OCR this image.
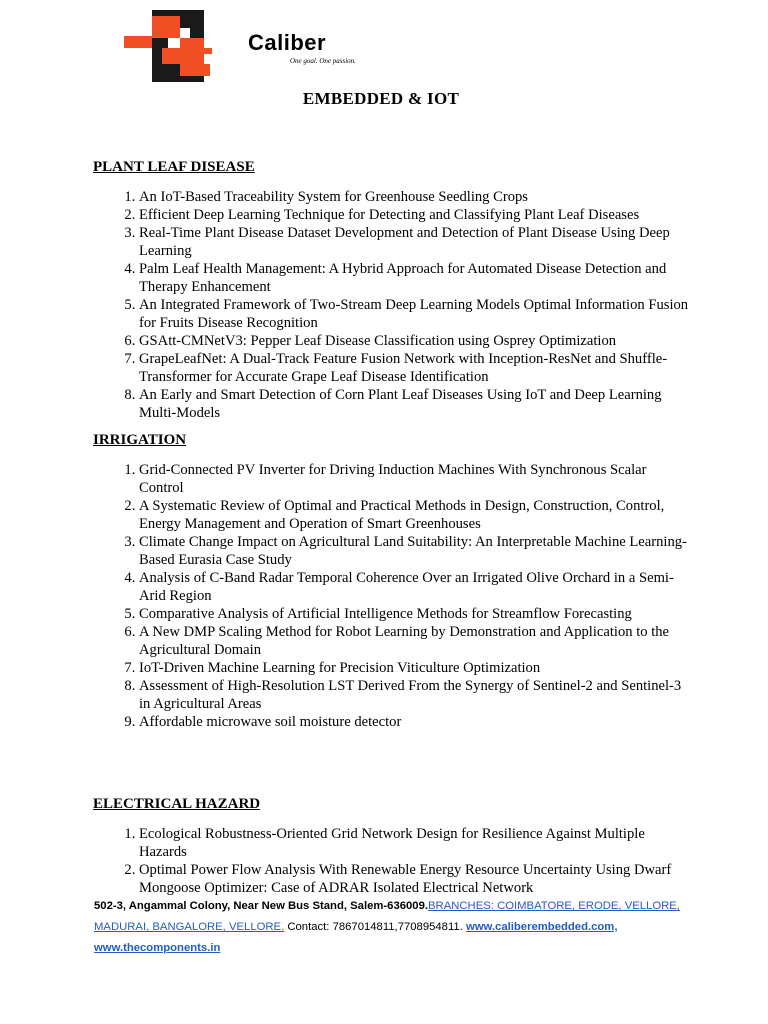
Caliber
One goal. One passion.
EMBEDDED & IOT

PLANT LEAF DISEASE

1. An IoT-Based Traceability System for Greenhouse Seedling Crops
2. Efficient Deep Learning Technique for Detecting and Classifying Plant Leaf Diseases
3. Real-Time Plant Disease Dataset Development and Detection of Plant Disease Using Deep Learning
4. Palm Leaf Health Management: A Hybrid Approach for Automated Disease Detection and Therapy Enhancement
5. An Integrated Framework of Two-Stream Deep Learning Models Optimal Information Fusion for Fruits Disease Recognition
6. GSAtt-CMNetV3: Pepper Leaf Disease Classification using Osprey Optimization
7. GrapeLeafNet: A Dual-Track Feature Fusion Network with Inception-ResNet and Shuffle-Transformer for Accurate Grape Leaf Disease Identification
8. An Early and Smart Detection of Corn Plant Leaf Diseases Using IoT and Deep Learning Multi-Models

IRRIGATION

1. Grid-Connected PV Inverter for Driving Induction Machines With Synchronous Scalar Control
2. A Systematic Review of Optimal and Practical Methods in Design, Construction, Control, Energy Management and Operation of Smart Greenhouses
3. Climate Change Impact on Agricultural Land Suitability: An Interpretable Machine Learning-Based Eurasia Case Study
4. Analysis of C-Band Radar Temporal Coherence Over an Irrigated Olive Orchard in a Semi-Arid Region
5. Comparative Analysis of Artificial Intelligence Methods for Streamflow Forecasting
6. A New DMP Scaling Method for Robot Learning by Demonstration and Application to the Agricultural Domain
7. IoT-Driven Machine Learning for Precision Viticulture Optimization
8. Assessment of High-Resolution LST Derived From the Synergy of Sentinel-2 and Sentinel-3 in Agricultural Areas
9. Affordable microwave soil moisture detector

ELECTRICAL HAZARD

1. Ecological Robustness-Oriented Grid Network Design for Resilience Against Multiple Hazards
2. Optimal Power Flow Analysis With Renewable Energy Resource Uncertainty Using Dwarf Mongoose Optimizer: Case of ADRAR Isolated Electrical Network
502-3, Angammal Colony, Near New Bus Stand, Salem-636009.BRANCHES: COIMBATORE, ERODE, VELLORE, MADURAI, BANGALORE, VELLORE. Contact: 7867014811,7708954811. www.caliberembedded.com,
www.thecomponents.in
